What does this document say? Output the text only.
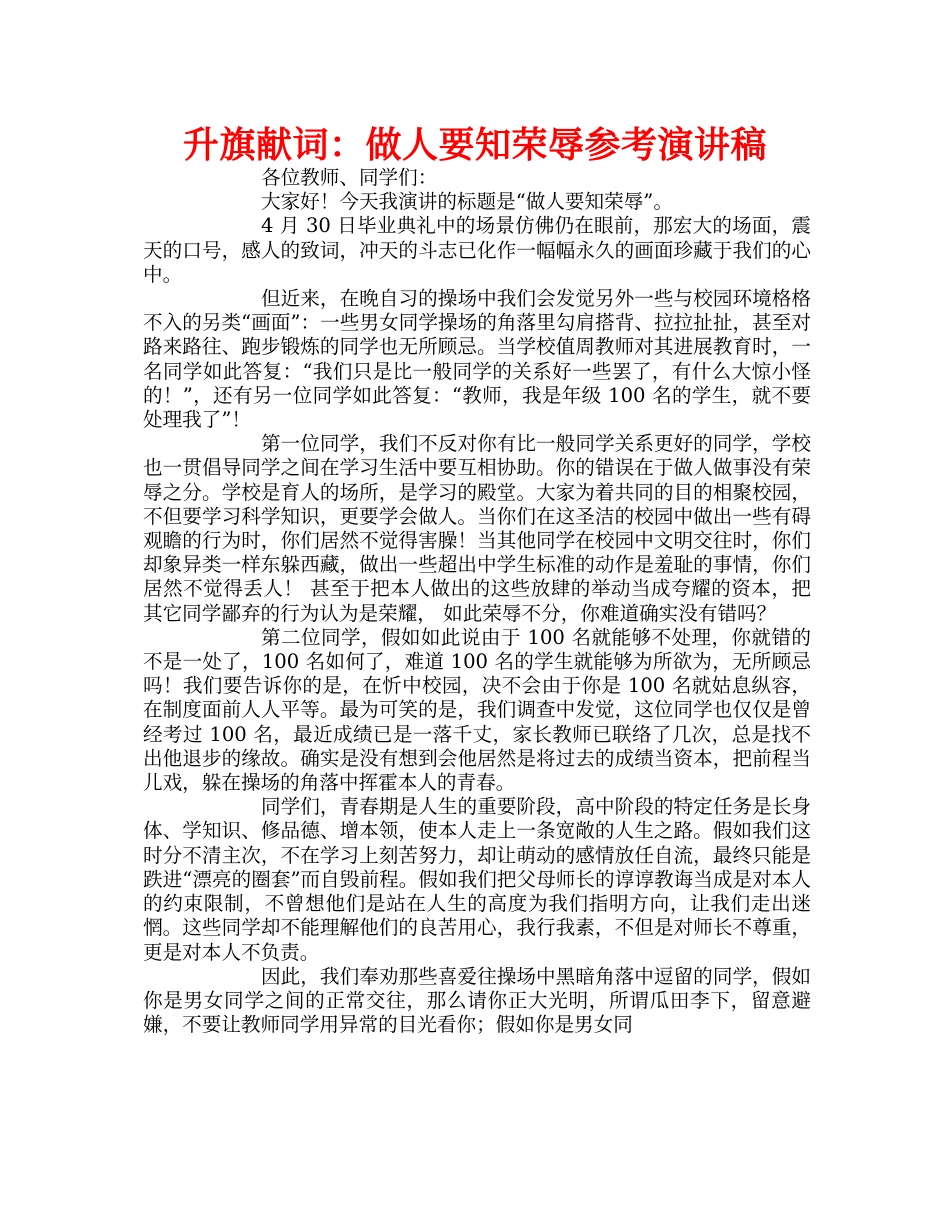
升旗献词：做人要知荣辱参考演讲稿

各位教师、同学们：

大家好！今天我演讲的标题是“做人要知荣辱”。

4 月 30 日毕业典礼中的场景仿佛仍在眼前，那宏大的场面，震天的口号，感人的致词，冲天的斗志已化作一幅幅永久的画面珍藏于我们的心中。

但近来，在晚自习的操场中我们会发觉另外一些与校园环境格格不入的另类“画面”：一些男女同学操场的角落里勾肩搭背、拉拉扯扯，甚至对路来路往、跑步锻炼的同学也无所顾忌。当学校值周教师对其进展教育时，一名同学如此答复：“我们只是比一般同学的关系好一些罢了，有什么大惊小怪的！”，还有另一位同学如此答复：“教师，我是年级 100 名的学生，就不要处理我了”！

第一位同学，我们不反对你有比一般同学关系更好的同学，学校也一贯倡导同学之间在学习生活中要互相协助。你的错误在于做人做事没有荣辱之分。学校是育人的场所，是学习的殿堂。大家为着共同的目的相聚校园，不但要学习科学知识，更要学会做人。当你们在这圣洁的校园中做出一些有碍观瞻的行为时，你们居然不觉得害臊！当其他同学在校园中文明交往时，你们却象异类一样东躲西藏，做出一些超出中学生标准的动作是羞耻的事情，你们居然不觉得丢人！ 甚至于把本人做出的这些放肆的举动当成夸耀的资本，把其它同学鄙弃的行为认为是荣耀， 如此荣辱不分，你难道确实没有错吗？

第二位同学，假如如此说由于 100 名就能够不处理，你就错的不是一处了，100 名如何了，难道 100 名的学生就能够为所欲为，无所顾忌吗！我们要告诉你的是，在忻中校园，决不会由于你是 100 名就姑息纵容，在制度面前人人平等。最为可笑的是，我们调查中发觉，这位同学也仅仅是曾经考过 100 名，最近成绩已是一落千丈，家长教师已联络了几次，总是找不出他退步的缘故。确实是没有想到会他居然是将过去的成绩当资本，把前程当儿戏，躲在操场的角落中挥霍本人的青春。

同学们，青春期是人生的重要阶段，高中阶段的特定任务是长身体、学知识、修品德、增本领，使本人走上一条宽敞的人生之路。假如我们这时分不清主次，不在学习上刻苦努力，却让萌动的感情放任自流，最终只能是跌进“漂亮的圈套”而自毁前程。假如我们把父母师长的谆谆教诲当成是对本人的约束限制，不曾想他们是站在人生的高度为我们指明方向，让我们走出迷惘。这些同学却不能理解他们的良苦用心，我行我素，不但是对师长不尊重，更是对本人不负责。

因此，我们奉劝那些喜爱往操场中黑暗角落中逗留的同学，假如你是男女同学之间的正常交往，那么请你正大光明，所谓瓜田李下，留意避嫌，不要让教师同学用异常的目光看你；假如你是男女同
